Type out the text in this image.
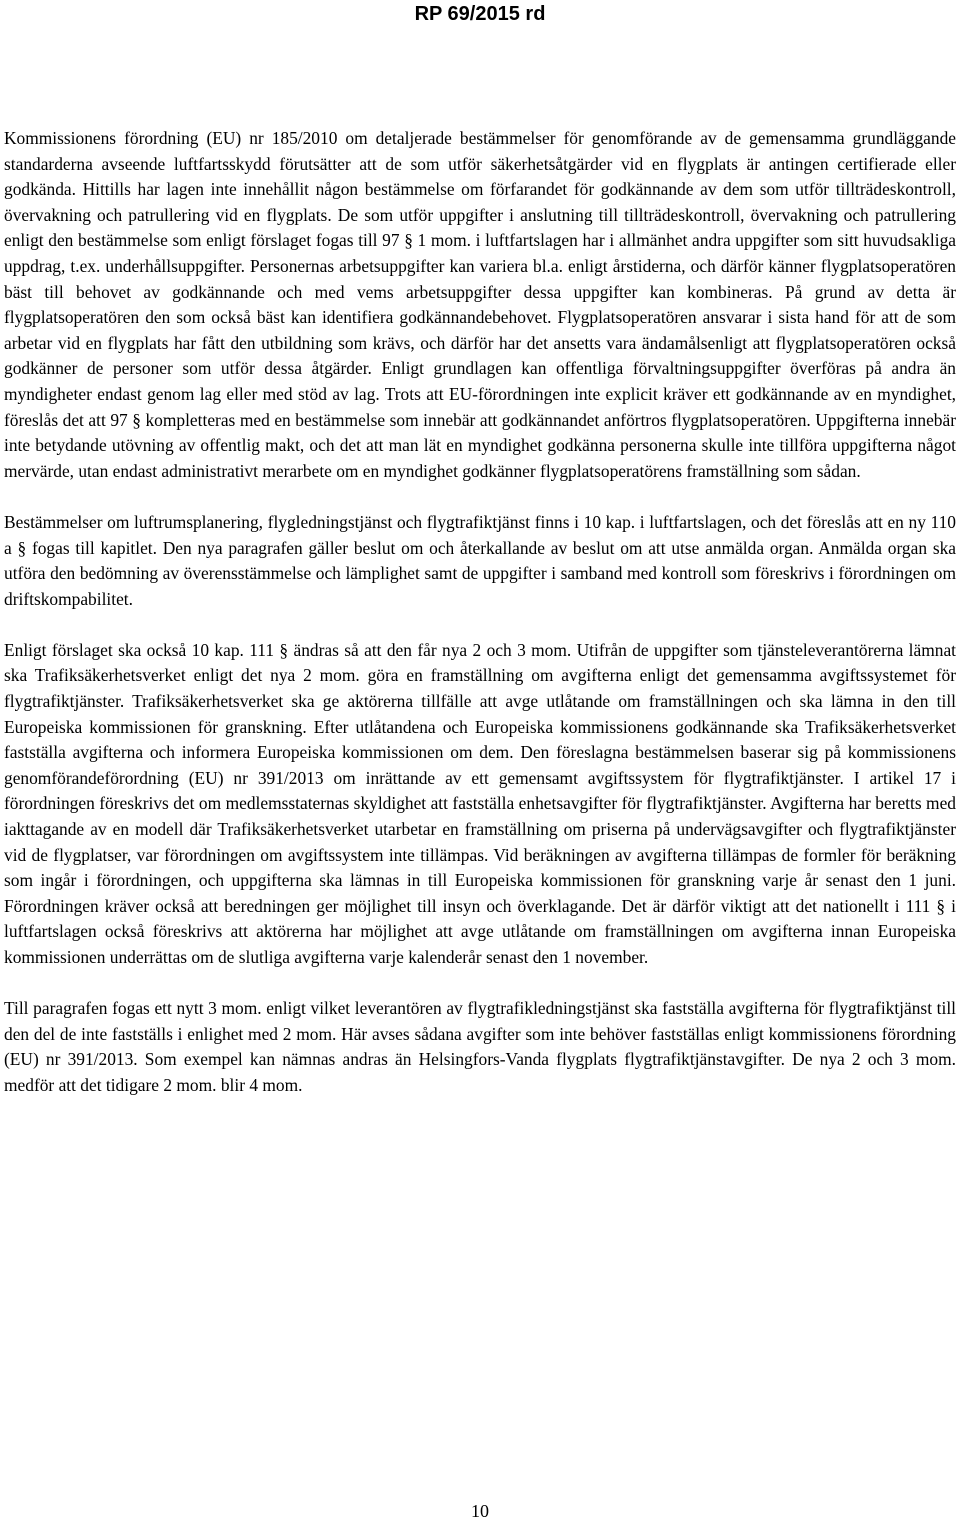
RP 69/2015 rd

Kommissionens förordning (EU) nr 185/2010 om detaljerade bestämmelser för genomförande av de gemensamma grundläggande standarderna avseende luftfartsskydd förutsätter att de som utför säkerhetsåtgärder vid en flygplats är antingen certifierade eller godkända. Hittills har lagen inte innehållit någon bestämmelse om förfarandet för godkännande av dem som utför tillträdeskontroll, övervakning och patrullering vid en flygplats. De som utför uppgifter i anslutning till tillträdeskontroll, övervakning och patrullering enligt den bestämmelse som enligt förslaget fogas till 97 § 1 mom. i luftfartslagen har i allmänhet andra uppgifter som sitt huvudsakliga uppdrag, t.ex. underhållsuppgifter. Personernas arbetsuppgifter kan variera bl.a. enligt årstiderna, och därför känner flygplatsoperatören bäst till behovet av godkännande och med vems arbetsuppgifter dessa uppgifter kan kombineras. På grund av detta är flygplatsoperatören den som också bäst kan identifiera godkännandebehovet. Flygplatsoperatören ansvarar i sista hand för att de som arbetar vid en flygplats har fått den utbildning som krävs, och därför har det ansetts vara ändamålsenligt att flygplatsoperatören också godkänner de personer som utför dessa åtgärder. Enligt grundlagen kan offentliga förvaltningsuppgifter överföras på andra än myndigheter endast genom lag eller med stöd av lag. Trots att EU-förordningen inte explicit kräver ett godkännande av en myndighet, föreslås det att 97 § kompletteras med en bestämmelse som innebär att godkännandet anförtros flygplatsoperatören. Uppgifterna innebär inte betydande utövning av offentlig makt, och det att man lät en myndighet godkänna personerna skulle inte tillföra uppgifterna något mervärde, utan endast administrativt merarbete om en myndighet godkänner flygplatsoperatörens framställning som sådan.

Bestämmelser om luftrumsplanering, flygledningstjänst och flygtrafiktjänst finns i 10 kap. i luftfartslagen, och det föreslås att en ny 110 a § fogas till kapitlet. Den nya paragrafen gäller beslut om och återkallande av beslut om att utse anmälda organ. Anmälda organ ska utföra den bedömning av överensstämmelse och lämplighet samt de uppgifter i samband med kontroll som föreskrivs i förordningen om driftskompabilitet.

Enligt förslaget ska också 10 kap. 111 § ändras så att den får nya 2 och 3 mom. Utifrån de uppgifter som tjänsteleverantörerna lämnat ska Trafiksäkerhetsverket enligt det nya 2 mom. göra en framställning om avgifterna enligt det gemensamma avgiftssystemet för flygtrafiktjänster. Trafiksäkerhetsverket ska ge aktörerna tillfälle att avge utlåtande om framställningen och ska lämna in den till Europeiska kommissionen för granskning. Efter utlåtandena och Europeiska kommissionens godkännande ska Trafiksäkerhetsverket fastställa avgifterna och informera Europeiska kommissionen om dem. Den föreslagna bestämmelsen baserar sig på kommissionens genomförandeförordning (EU) nr 391/2013 om inrättande av ett gemensamt avgiftssystem för flygtrafiktjänster. I artikel 17 i förordningen föreskrivs det om medlemsstaternas skyldighet att fastställa enhetsavgifter för flygtrafiktjänster. Avgifterna har beretts med iakttagande av en modell där Trafiksäkerhetsverket utarbetar en framställning om priserna på undervägsavgifter och flygtrafiktjänster vid de flygplatser, var förordningen om avgiftssystem inte tillämpas. Vid beräkningen av avgifterna tillämpas de formler för beräkning som ingår i förordningen, och uppgifterna ska lämnas in till Europeiska kommissionen för granskning varje år senast den 1 juni. Förordningen kräver också att beredningen ger möjlighet till insyn och överklagande. Det är därför viktigt att det nationellt i 111 § i luftfartslagen också föreskrivs att aktörerna har möjlighet att avge utlåtande om framställningen om avgifterna innan Europeiska kommissionen underrättas om de slutliga avgifterna varje kalenderår senast den 1 november.

Till paragrafen fogas ett nytt 3 mom. enligt vilket leverantören av flygtrafikledningstjänst ska fastställa avgifterna för flygtrafiktjänst till den del de inte fastställs i enlighet med 2 mom. Här avses sådana avgifter som inte behöver fastställas enligt kommissionens förordning (EU) nr 391/2013. Som exempel kan nämnas andras än Helsingfors-Vanda flygplats flygtrafiktjänstavgifter. De nya 2 och 3 mom. medför att det tidigare 2 mom. blir 4 mom.

10
